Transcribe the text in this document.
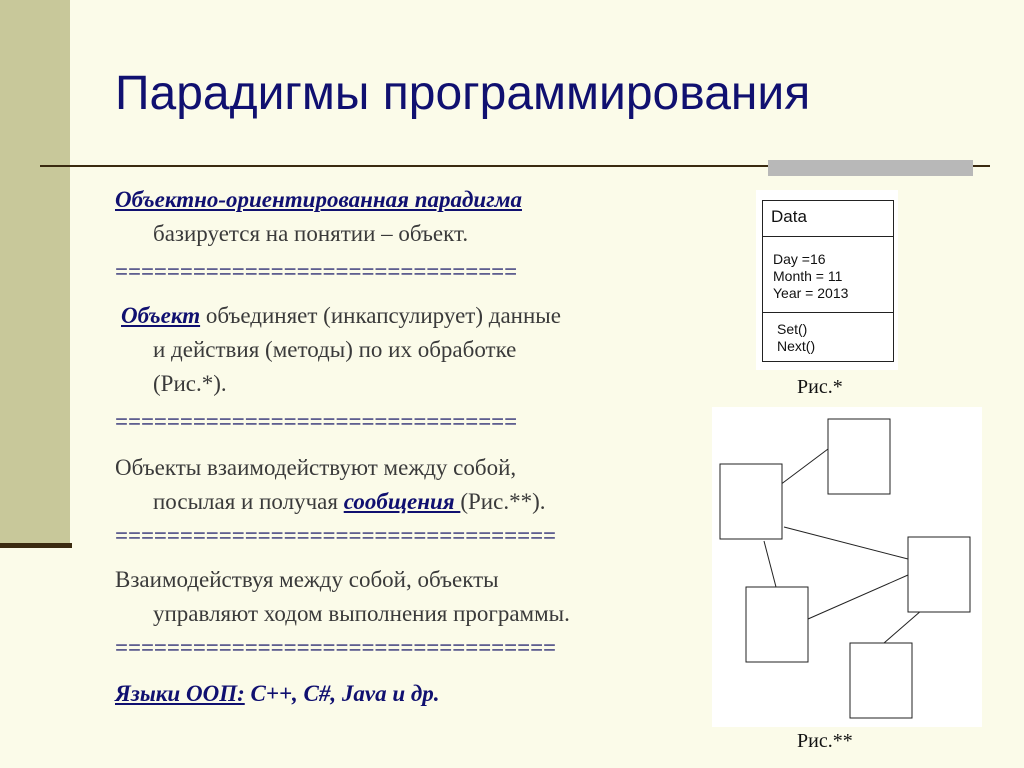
Парадигмы программирования

Объектно-ориентированная парадигма

базируется на понятии – объект.

===============================

Объект объединяет (инкапсулирует) данные

и действия (методы) по их обработке

(Рис.*).

===============================

Объекты взаимодействуют между собой,

посылая и получая сообщения (Рис.**).

==================================

Взаимодействуя между собой, объекты

управляют ходом выполнения программы.

==================================

Языки ООП: С++, С#, Java и др.

Data
Day =16
Month = 11
Year = 2013
Set()
Next()
Рис.*
Рис.**
